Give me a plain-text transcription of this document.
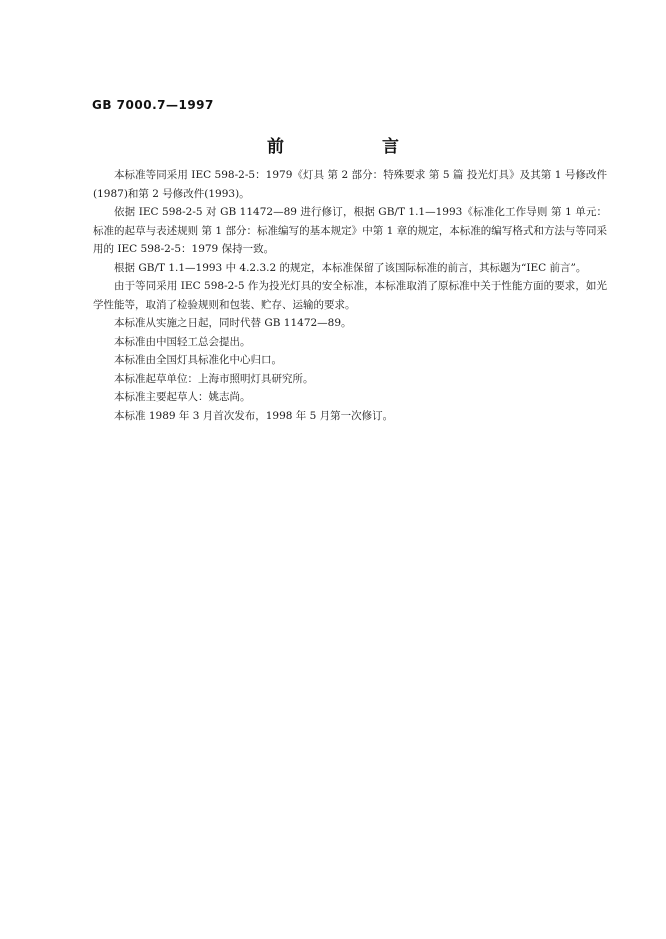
GB 7000.7—1997
前 言

本标准等同采用 IEC 598-2-5：1979《灯具 第 2 部分：特殊要求 第 5 篇 投光灯具》及其第 1 号修改件(1987)和第 2 号修改件(1993)。

依据 IEC 598-2-5 对 GB 11472—89 进行修订，根据 GB/T 1.1—1993《标准化工作导则 第 1 单元：标准的起草与表述规则 第 1 部分：标准编写的基本规定》中第 1 章的规定，本标准的编写格式和方法与等同采用的 IEC 598-2-5：1979 保持一致。

根据 GB/T 1.1—1993 中 4.2.3.2 的规定，本标准保留了该国际标准的前言，其标题为“IEC 前言”。

由于等同采用 IEC 598-2-5 作为投光灯具的安全标准，本标准取消了原标准中关于性能方面的要求，如光学性能等，取消了检验规则和包装、贮存、运输的要求。

本标准从实施之日起，同时代替 GB 11472—89。

本标准由中国轻工总会提出。

本标准由全国灯具标准化中心归口。

本标准起草单位：上海市照明灯具研究所。

本标准主要起草人：姚志尚。

本标准 1989 年 3 月首次发布，1998 年 5 月第一次修订。
